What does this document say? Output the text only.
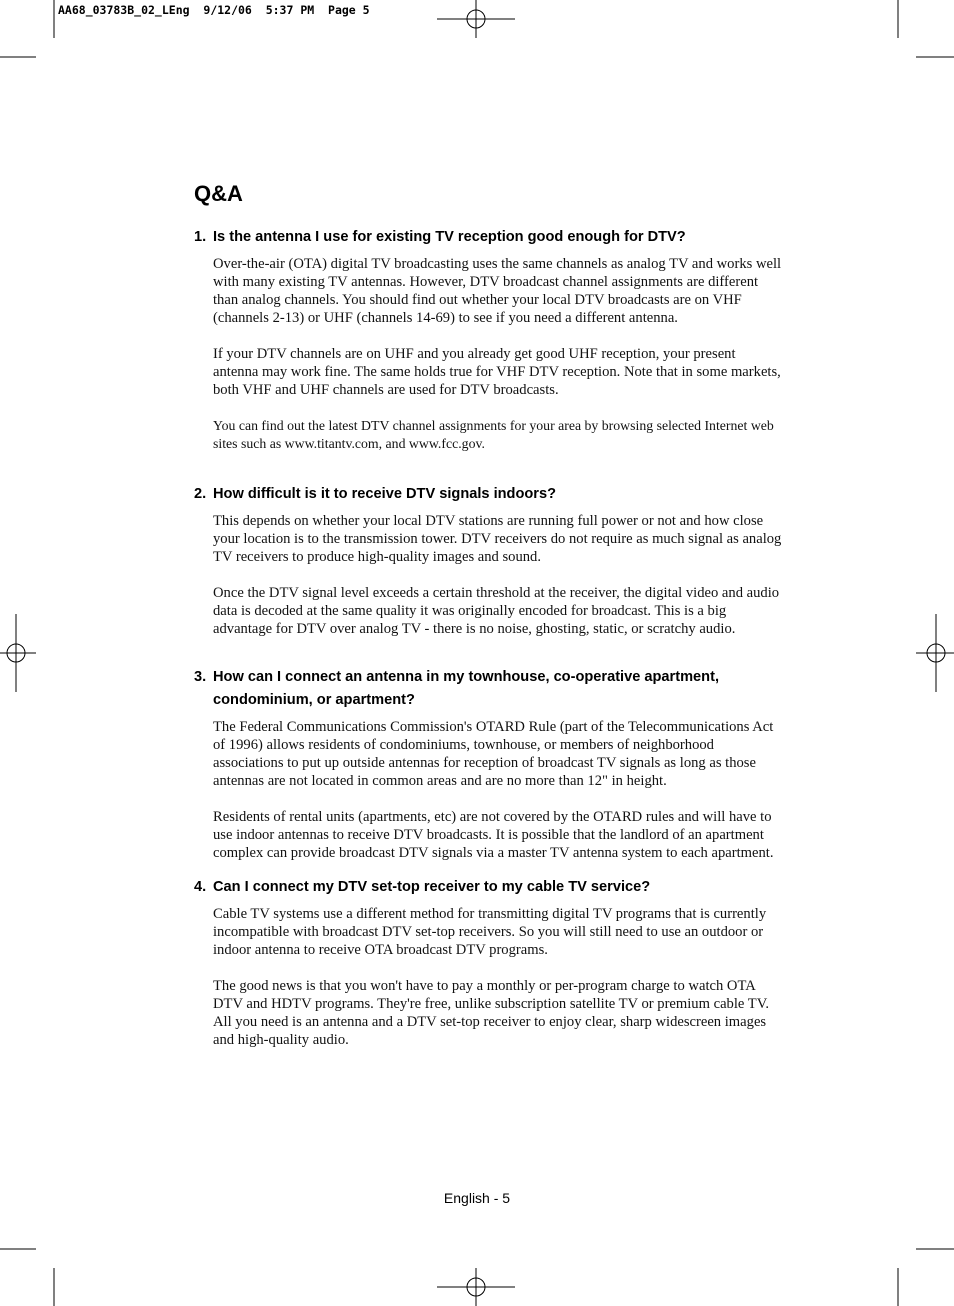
AA68_03783B_02_LEng  9/12/06  5:37 PM  Page 5
Q&A
1. Is the antenna I use for existing TV reception good enough for DTV?

Over-the-air (OTA) digital TV broadcasting uses the same channels as analog TV and works well with many existing TV antennas. However, DTV broadcast channel assignments are different than analog channels. You should find out whether your local DTV broadcasts are on VHF (channels 2-13) or UHF (channels 14-69) to see if you need a different antenna.

If your DTV channels are on UHF and you already get good UHF reception, your present antenna may work fine. The same holds true for VHF DTV reception. Note that in some markets, both VHF and UHF channels are used for DTV broadcasts.

You can find out the latest DTV channel assignments for your area by browsing selected Internet web sites such as www.titantv.com, and www.fcc.gov.

2. How difficult is it to receive DTV signals indoors?

This depends on whether your local DTV stations are running full power or not and how close your location is to the transmission tower. DTV receivers do not require as much signal as analog TV receivers to produce high-quality images and sound.

Once the DTV signal level exceeds a certain threshold at the receiver, the digital video and audio data is decoded at the same quality it was originally encoded for broadcast. This is a big advantage for DTV over analog TV - there is no noise, ghosting, static, or scratchy audio.

3. How can I connect an antenna in my townhouse, co-operative apartment, condominium, or apartment?

The Federal Communications Commission's OTARD Rule (part of the Telecommunications Act of 1996) allows residents of condominiums, townhouse, or members of neighborhood associations to put up outside antennas for reception of broadcast TV signals as long as those antennas are not located in common areas and are no more than 12" in height.

Residents of rental units (apartments, etc) are not covered by the OTARD rules and will have to use indoor antennas to receive DTV broadcasts. It is possible that the landlord of an apartment complex can provide broadcast DTV signals via a master TV antenna system to each apartment.

4. Can I connect my DTV set-top receiver to my cable TV service?

Cable TV systems use a different method for transmitting digital TV programs that is currently incompatible with broadcast DTV set-top receivers. So you will still need to use an outdoor or indoor antenna to receive OTA broadcast DTV programs.

The good news is that you won't have to pay a monthly or per-program charge to watch OTA DTV and HDTV programs. They're free, unlike subscription satellite TV or premium cable TV. All you need is an antenna and a DTV set-top receiver to enjoy clear, sharp widescreen images and high-quality audio.

English - 5
